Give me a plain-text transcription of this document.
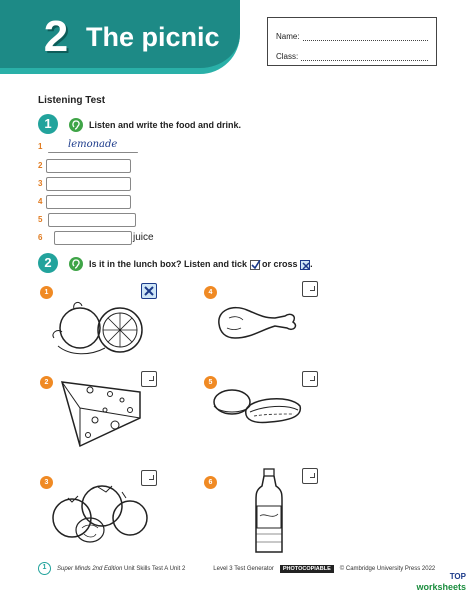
2 The picnic	Name:
Class:
Listening Test
1	Listen and write the food and drink.
1	lemonade
2
3
4
5
6	juice
2	Is it in the lunch box? Listen and tick or cross .
1
2
3
4
5
6
1	Super Minds 2nd Edition Unit Skills Test A Unit 2	Level 3 Test Generator	PHOTOCOPIABLE	© Cambridge University Press 2022
TOP
worksheets
